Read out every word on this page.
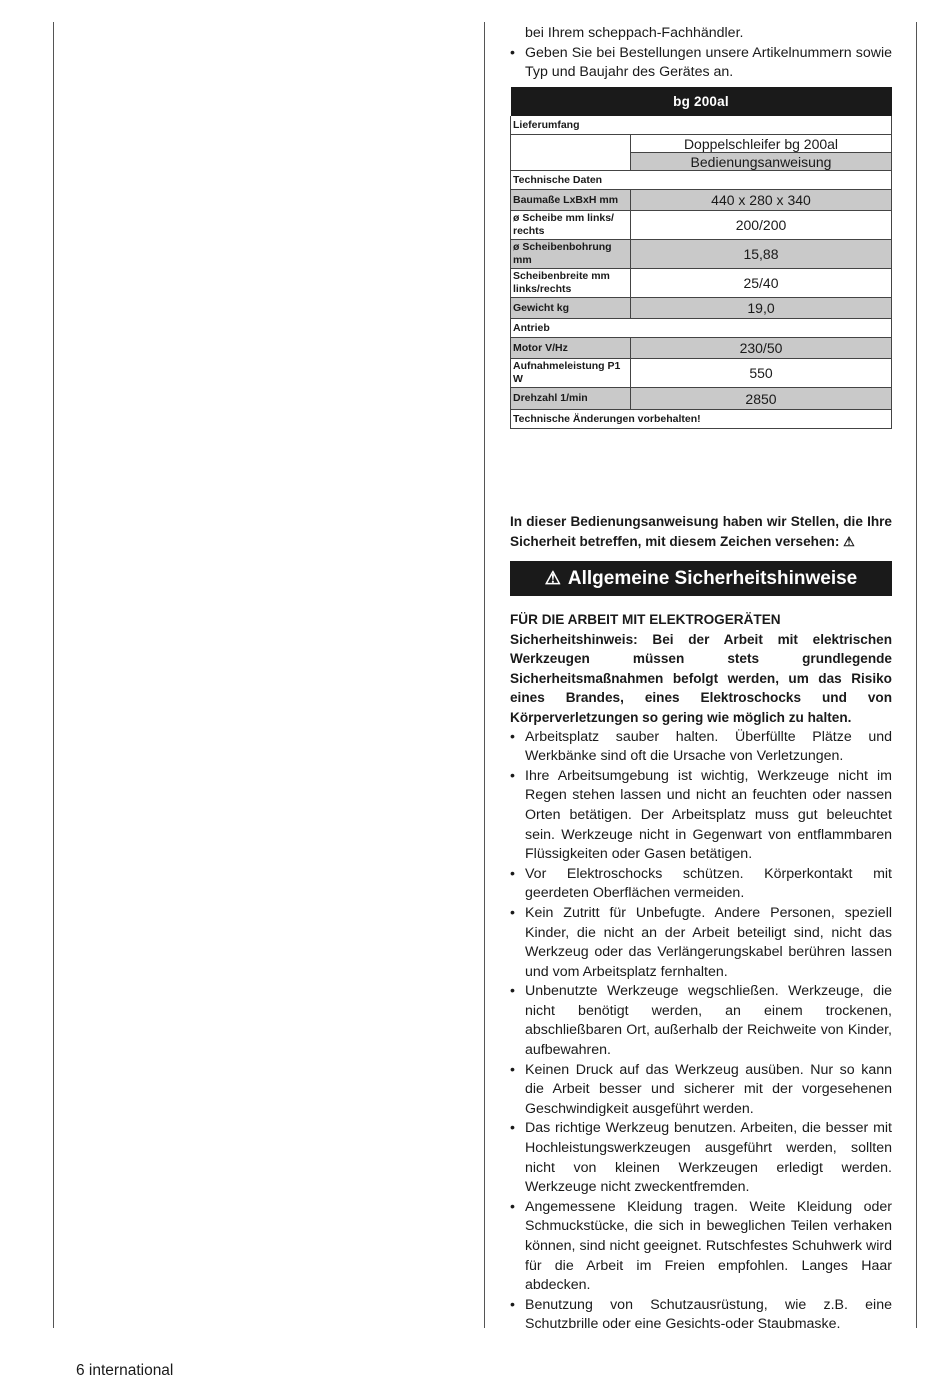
bei Ihrem scheppach-Fachhändler.
• Geben Sie bei Bestellungen unsere Artikelnummern sowie Typ und Baujahr des Gerätes an.
bg 200al	
Lieferumfang	
	Doppelschleifer bg 200al
	Bedienungsanweisung
Technische Daten	
Baumaße LxBxH mm	440 x 280 x 340
ø Scheibe mm links/ rechts	200/200
ø Scheibenbohrung mm	15,88
Scheibenbreite mm links/rechts	25/40
Gewicht kg	19,0
Antrieb	
Motor V/Hz	230/50
Aufnahmeleistung P1 W	550
Drehzahl 1/min	2850
Technische Änderungen vorbehalten!	
In dieser Bedienungsanweisung haben wir Stellen, die Ihre Sicherheit betreffen, mit diesem Zeichen versehen: ⚠
⚠ Allgemeine Sicherheitshinweise
FÜR DIE ARBEIT MIT ELEKTROGERÄTEN
Sicherheitshinweis: Bei der Arbeit mit elektrischen Werkzeugen müssen stets grundlegende Sicherheitsmaßnahmen befolgt werden, um das Risiko eines Brandes, eines Elektroschocks und von Körperverletzungen so gering wie möglich zu halten.
• Arbeitsplatz sauber halten. Überfüllte Plätze und Werkbänke sind oft die Ursache von Verletzungen.
• Ihre Arbeitsumgebung ist wichtig, Werkzeuge nicht im Regen stehen lassen und nicht an feuchten oder nassen Orten betätigen. Der Arbeitsplatz muss gut beleuchtet sein. Werkzeuge nicht in Gegenwart von entflammbaren Flüssigkeiten oder Gasen betätigen.
• Vor Elektroschocks schützen. Körperkontakt mit geerdeten Oberflächen vermeiden.
• Kein Zutritt für Unbefugte. Andere Personen, speziell Kinder, die nicht an der Arbeit beteiligt sind, nicht das Werkzeug oder das Verlängerungskabel berühren lassen und vom Arbeitsplatz fernhalten.
• Unbenutzte Werkzeuge wegschließen. Werkzeuge, die nicht benötigt werden, an einem trockenen, abschließbaren Ort, außerhalb der Reichweite von Kinder, aufbewahren.
• Keinen Druck auf das Werkzeug ausüben. Nur so kann die Arbeit besser und sicherer mit der vorgesehenen Geschwindigkeit ausgeführt werden.
• Das richtige Werkzeug benutzen. Arbeiten, die besser mit Hochleistungswerkzeugen ausgeführt werden, sollten nicht von kleinen Werkzeugen erledigt werden. Werkzeuge nicht zweckentfremden.
• Angemessene Kleidung tragen. Weite Kleidung oder Schmuckstücke, die sich in beweglichen Teilen verhaken können, sind nicht geeignet. Rutschfestes Schuhwerk wird für die Arbeit im Freien empfohlen. Langes Haar abdecken.
• Benutzung von Schutzausrüstung, wie z.B. eine Schutzbrille oder eine Gesichts-oder Staubmaske.
6 international
